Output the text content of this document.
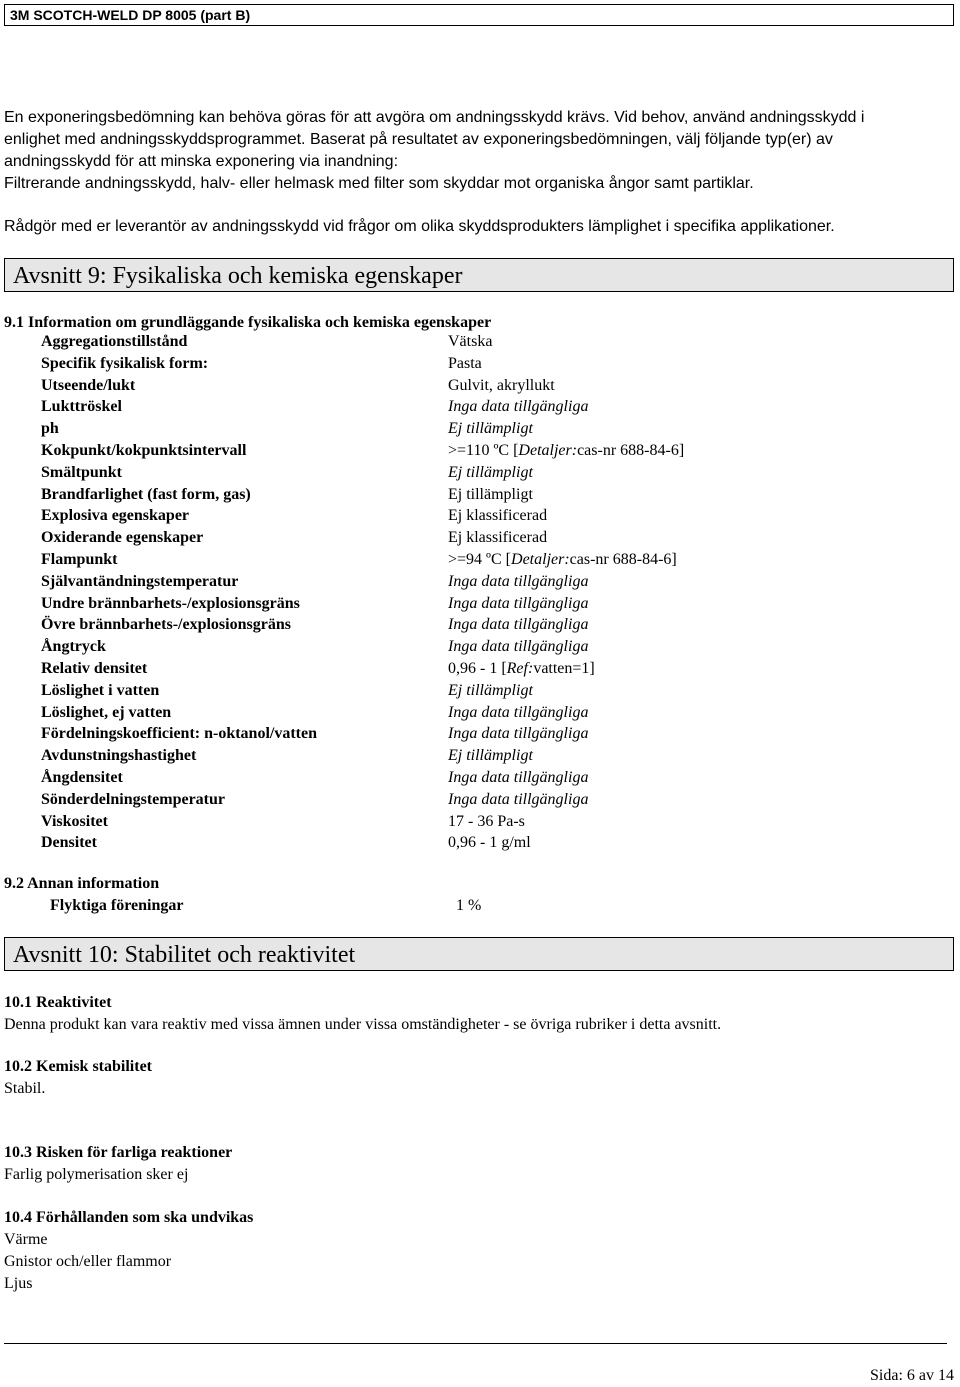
3M SCOTCH-WELD DP 8005 (part B)
En exponeringsbedömning kan behöva göras för att avgöra om andningsskydd krävs. Vid behov, använd andningsskydd i
enlighet med andningsskyddsprogrammet. Baserat på resultatet av exponeringsbedömningen, välj följande typ(er) av
andningsskydd för att minska exponering via inandning:
Filtrerande andningsskydd, halv- eller helmask med filter som skyddar mot organiska ångor samt partiklar.
Rådgör med er leverantör av andningsskydd vid frågor om olika skyddsprodukters lämplighet i specifika applikationer.
Avsnitt 9: Fysikaliska och kemiska egenskaper
9.1 Information om grundläggande fysikaliska och kemiska egenskaper
Aggregationstillstånd	Vätska
Specifik fysikalisk form:	Pasta
Utseende/lukt	Gulvit, akryllukt
Lukttröskel	Inga data tillgängliga
ph	Ej tillämpligt
Kokpunkt/kokpunktsintervall	>=110 ºC [Detaljer:cas-nr 688-84-6]
Smältpunkt	Ej tillämpligt
Brandfarlighet (fast form, gas)	Ej tillämpligt
Explosiva egenskaper	Ej klassificerad
Oxiderande egenskaper	Ej klassificerad
Flampunkt	>=94 ºC [Detaljer:cas-nr 688-84-6]
Självantändningstemperatur	Inga data tillgängliga
Undre brännbarhets-/explosionsgräns	Inga data tillgängliga
Övre brännbarhets-/explosionsgräns	Inga data tillgängliga
Ångtryck	Inga data tillgängliga
Relativ densitet	0,96 - 1 [Ref:vatten=1]
Löslighet i vatten	Ej tillämpligt
Löslighet, ej vatten	Inga data tillgängliga
Fördelningskoefficient: n-oktanol/vatten	Inga data tillgängliga
Avdunstningshastighet	Ej tillämpligt
Ångdensitet	Inga data tillgängliga
Sönderdelningstemperatur	Inga data tillgängliga
Viskositet	17 - 36 Pa-s
Densitet	0,96 - 1 g/ml
9.2 Annan information
Flyktiga föreningar	1 %
Avsnitt 10: Stabilitet och reaktivitet
10.1 Reaktivitet
Denna produkt kan vara reaktiv med vissa ämnen under vissa omständigheter - se övriga rubriker i detta avsnitt.
10.2 Kemisk stabilitet
Stabil.
10.3 Risken för farliga reaktioner
Farlig polymerisation sker ej
10.4 Förhållanden som ska undvikas
Värme
Gnistor och/eller flammor
Ljus
Sida: 6 av 14
